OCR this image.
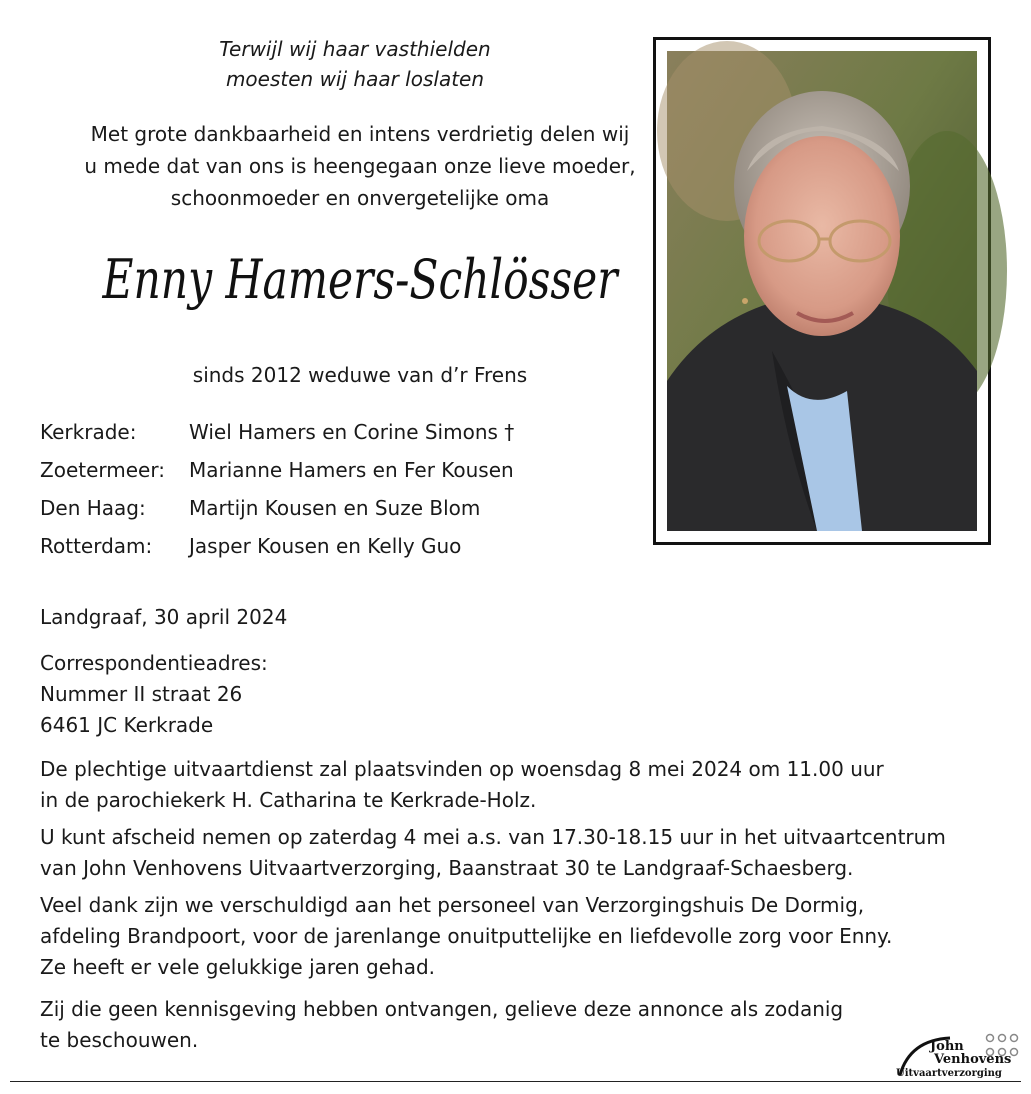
Terwijl wij haar vasthielden
moesten wij haar loslaten
Met grote dankbaarheid en intens verdrietig delen wij
u mede dat van ons is heengegaan onze lieve moeder,
schoonmoeder en onvergetelijke oma
Enny Hamers-Schlösser
sinds 2012 weduwe van d’r Frens
Kerkrade:	Wiel Hamers en Corine Simons †
Zoetermeer: Marianne Hamers en Fer Kousen
Den Haag: Martijn Kousen en Suze Blom
Rotterdam: Jasper Kousen en Kelly Guo
Landgraaf, 30 april 2024
Correspondentieadres:
Nummer II straat 26
6461 JC Kerkrade
De plechtige uitvaartdienst zal plaatsvinden op woensdag 8 mei 2024 om 11.00 uur
in de parochiekerk H. Catharina te Kerkrade-Holz.
U kunt afscheid nemen op zaterdag 4 mei a.s. van 17.30-18.15 uur in het uitvaartcentrum
van John Venhovens Uitvaartverzorging, Baanstraat 30 te Landgraaf-Schaesberg.
Veel dank zijn we verschuldigd aan het personeel van Verzorgingshuis De Dormig,
afdeling Brandpoort, voor de jarenlange onuitputtelijke en liefdevolle zorg voor Enny.
Ze heeft er vele gelukkige jaren gehad.
Zij die geen kennisgeving hebben ontvangen, gelieve deze annonce als zodanig
te beschouwen.	John
Venhovens
Uitvaartverzorging
